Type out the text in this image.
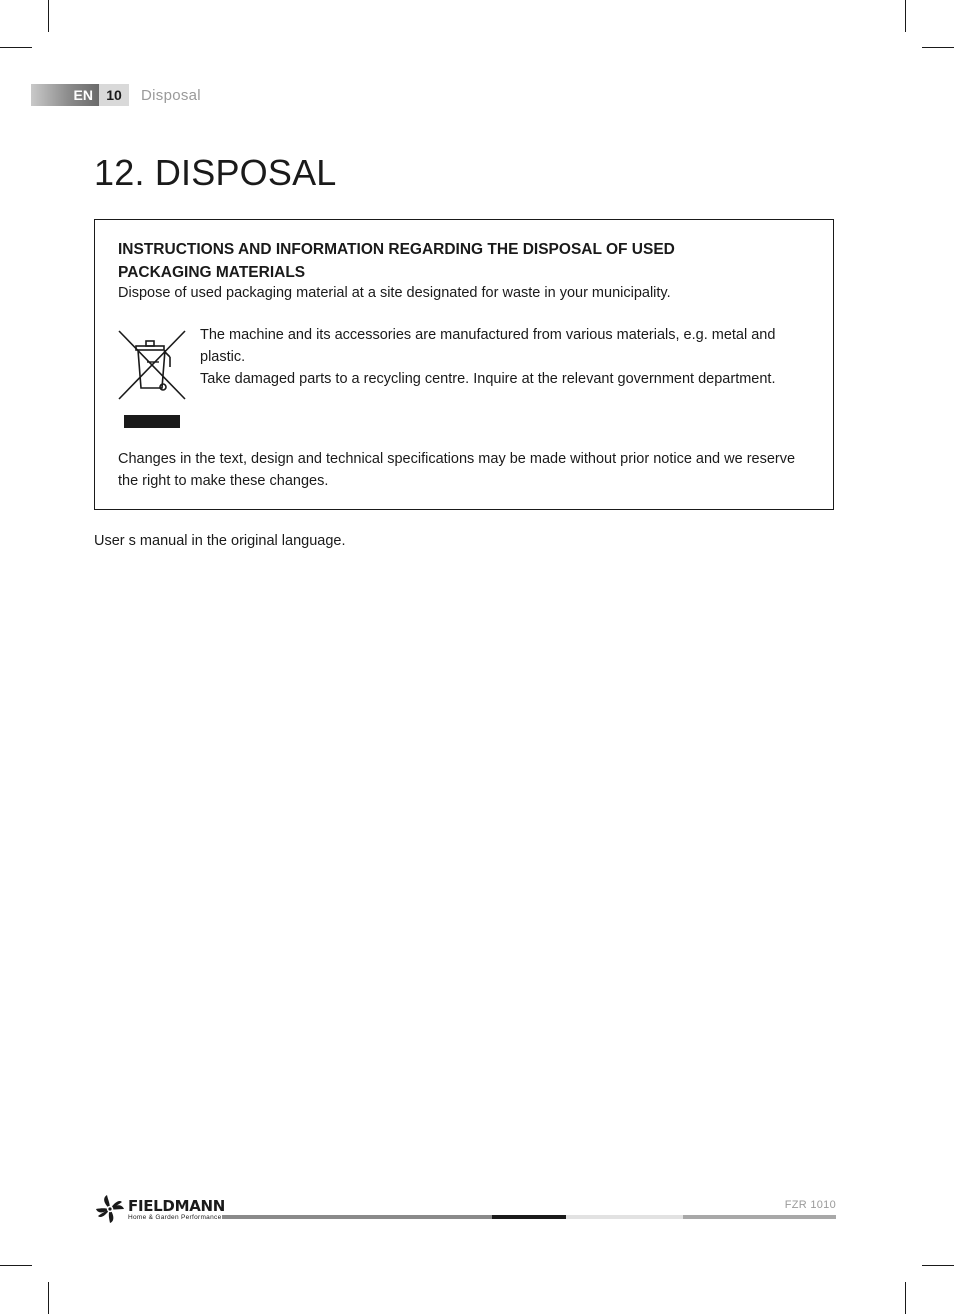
EN 10	Disposal
12. DISPOSAL

INSTRUCTIONS AND INFORMATION REGARDING THE DISPOSAL OF USED PACKAGING MATERIALS

Dispose of used packaging material at a site designated for waste in your municipality.

The machine and its accessories are manufactured from various materials, e.g. metal and plastic.

Take damaged parts to a recycling centre. Inquire at the relevant government department.

Changes in the text, design and technical specifications may be made without prior notice and we reserve the right to make these changes.

User s manual in the original language.

FIELDMANN
Home & Garden Performance
FZR 1010
